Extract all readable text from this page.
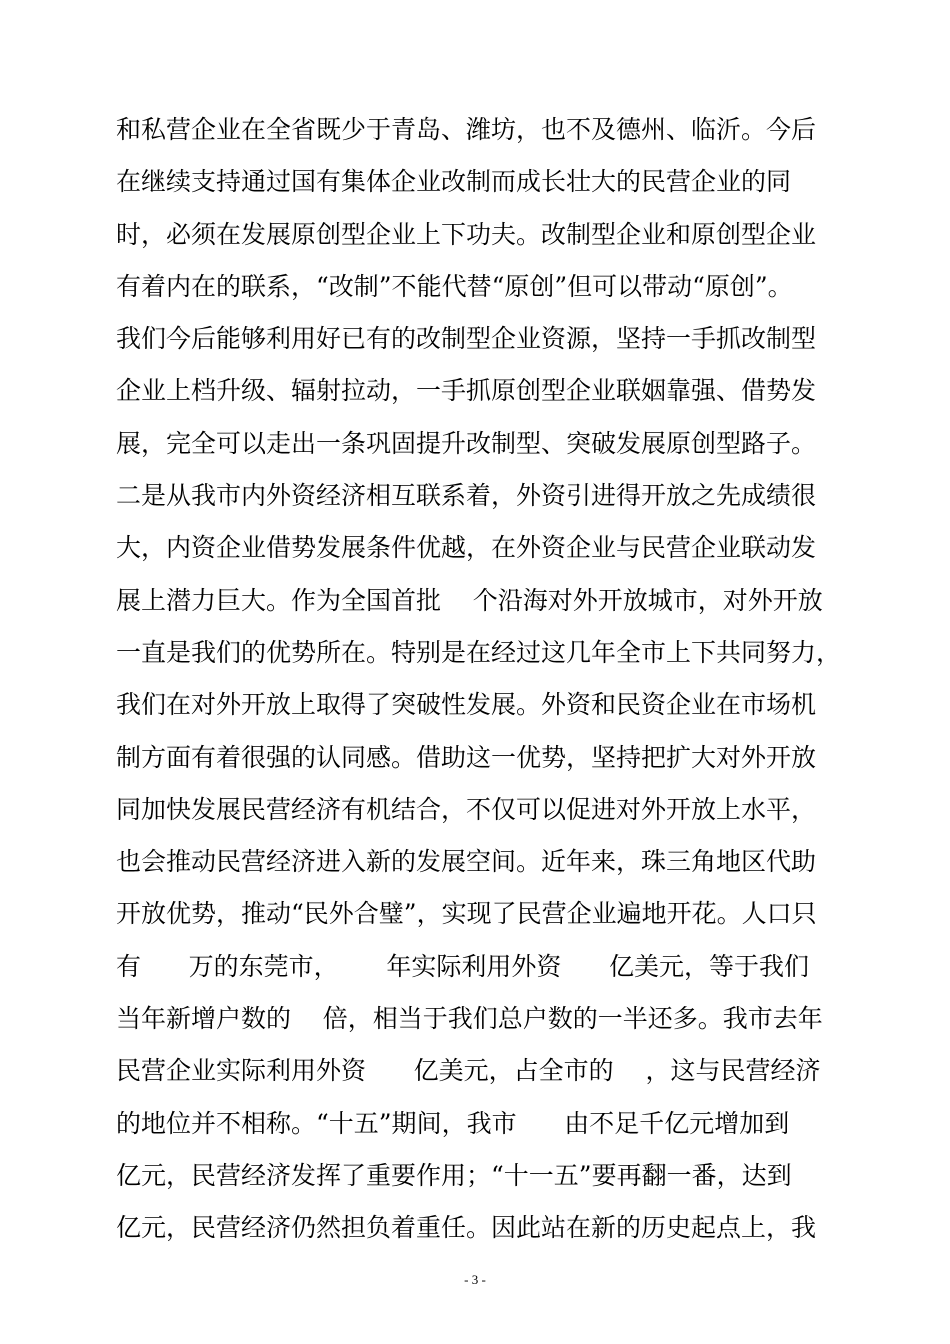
和私营企业在全省既少于青岛、潍坊，也不及德州、临沂。今后
在继续支持通过国有集体企业改制而成长壮大的民营企业的同
时，必须在发展原创型企业上下功夫。改制型企业和原创型企业
有着内在的联系，“改制”不能代替“原创”但可以带动“原创”。
我们今后能够利用好已有的改制型企业资源，坚持一手抓改制型
企业上档升级、辐射拉动，一手抓原创型企业联姻靠强、借势发
展，完全可以走出一条巩固提升改制型、突破发展原创型路子。
二是从我市内外资经济相互联系着，外资引进得开放之先成绩很
大，内资企业借势发展条件优越，在外资企业与民营企业联动发
展上潜力巨大。作为全国首批    个沿海对外开放城市，对外开放
一直是我们的优势所在。特别是在经过这几年全市上下共同努力，
我们在对外开放上取得了突破性发展。外资和民资企业在市场机
制方面有着很强的认同感。借助这一优势，坚持把扩大对外开放
同加快发展民营经济有机结合，不仅可以促进对外开放上水平，
也会推动民营经济进入新的发展空间。近年来，珠三角地区代助
开放优势，推动“民外合璧”，实现了民营企业遍地开花。人口只
有      万的东莞市，      年实际利用外资      亿美元，等于我们
当年新增户数的    倍，相当于我们总户数的一半还多。我市去年
民营企业实际利用外资      亿美元，占全市的    ，这与民营经济
的地位并不相称。“十五”期间，我市      由不足千亿元增加到
亿元，民营经济发挥了重要作用；“十一五”要再翻一番，达到
亿元，民营经济仍然担负着重任。因此站在新的历史起点上，我
- 3 -
